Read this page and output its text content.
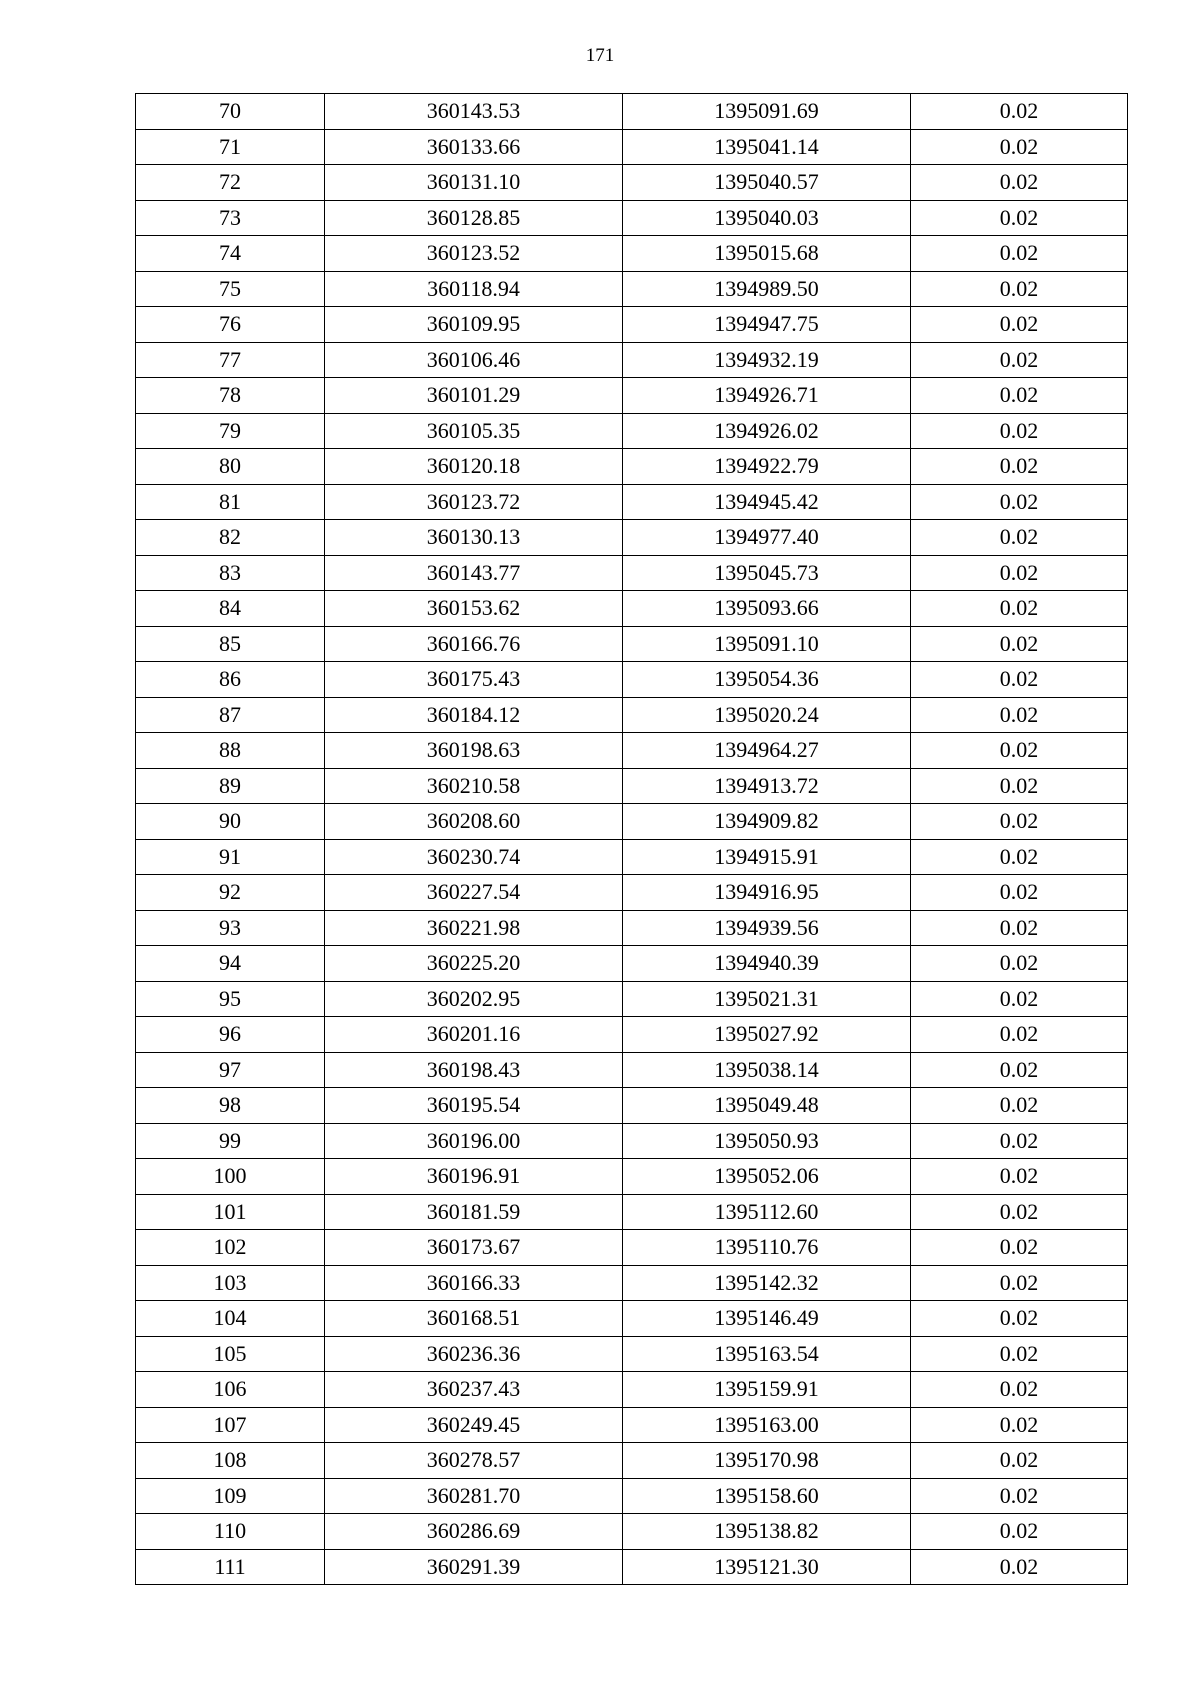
171
70	360143.53	1395091.69	0.02
71	360133.66	1395041.14	0.02
72	360131.10	1395040.57	0.02
73	360128.85	1395040.03	0.02
74	360123.52	1395015.68	0.02
75	360118.94	1394989.50	0.02
76	360109.95	1394947.75	0.02
77	360106.46	1394932.19	0.02
78	360101.29	1394926.71	0.02
79	360105.35	1394926.02	0.02
80	360120.18	1394922.79	0.02
81	360123.72	1394945.42	0.02
82	360130.13	1394977.40	0.02
83	360143.77	1395045.73	0.02
84	360153.62	1395093.66	0.02
85	360166.76	1395091.10	0.02
86	360175.43	1395054.36	0.02
87	360184.12	1395020.24	0.02
88	360198.63	1394964.27	0.02
89	360210.58	1394913.72	0.02
90	360208.60	1394909.82	0.02
91	360230.74	1394915.91	0.02
92	360227.54	1394916.95	0.02
93	360221.98	1394939.56	0.02
94	360225.20	1394940.39	0.02
95	360202.95	1395021.31	0.02
96	360201.16	1395027.92	0.02
97	360198.43	1395038.14	0.02
98	360195.54	1395049.48	0.02
99	360196.00	1395050.93	0.02
100	360196.91	1395052.06	0.02
101	360181.59	1395112.60	0.02
102	360173.67	1395110.76	0.02
103	360166.33	1395142.32	0.02
104	360168.51	1395146.49	0.02
105	360236.36	1395163.54	0.02
106	360237.43	1395159.91	0.02
107	360249.45	1395163.00	0.02
108	360278.57	1395170.98	0.02
109	360281.70	1395158.60	0.02
110	360286.69	1395138.82	0.02
111	360291.39	1395121.30	0.02
